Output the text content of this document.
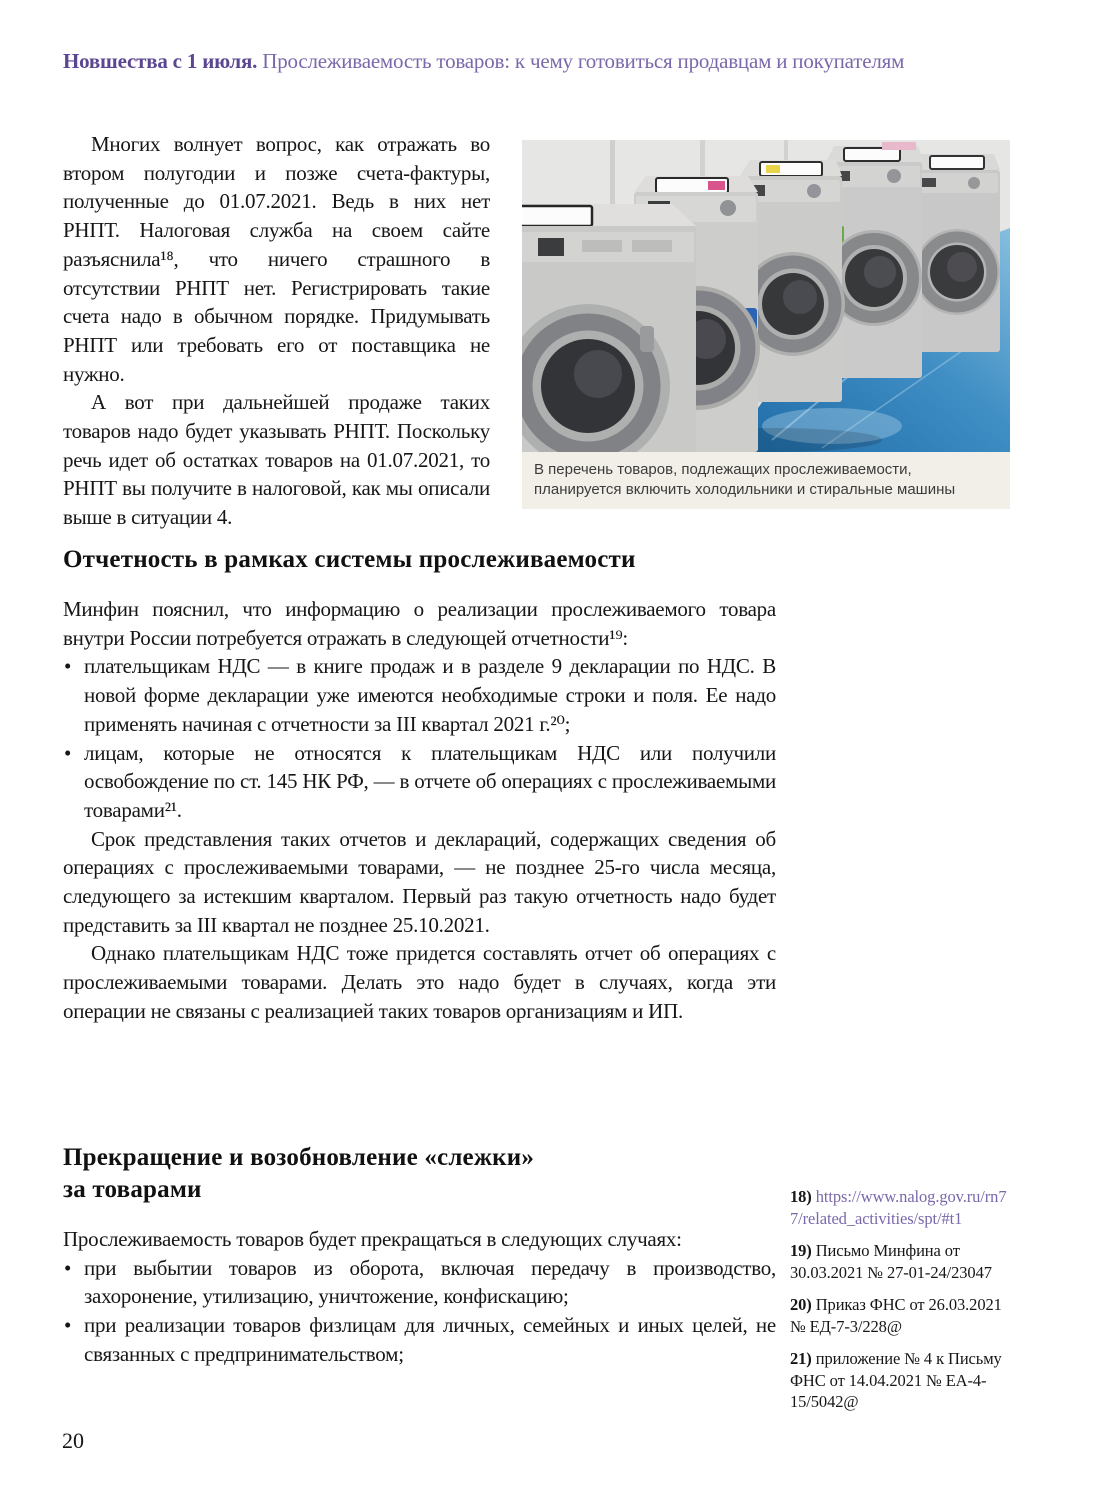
Новшества с 1 июля. Прослеживаемость товаров: к чему готовиться продавцам и покупателям

Многих волнует вопрос, как отражать во втором полугодии и позже счета-фактуры, полученные до 01.07.2021. Ведь в них нет РНПТ. Налоговая служба на своем сайте разъяснила¹⁸, что ничего страшного в отсутствии РНПТ нет. Регистрировать такие счета надо в обычном порядке. Придумывать РНПТ или требовать его от поставщика не нужно.

А вот при дальнейшей продаже таких товаров надо будет указывать РНПТ. Поскольку речь идет об остатках товаров на 01.07.2021, то РНПТ вы получите в налоговой, как мы описали выше в ситуации 4.

В перечень товаров, подлежащих прослеживаемости, планируется включить холодильники и стиральные машины
Отчетность в рамках системы прослеживаемости

Минфин пояснил, что информацию о реализации прослеживаемого товара внутри России потребуется отражать в следующей отчетности¹⁹:

• плательщикам НДС — в книге продаж и в разделе 9 декларации по НДС. В новой форме декларации уже имеются необходимые строки и поля. Ее надо применять начиная с отчетности за III квартал 2021 г.²⁰;
• лицам, которые не относятся к плательщикам НДС или получили освобождение по ст. 145 НК РФ, — в отчете об операциях с прослеживаемыми товарами²¹.

Срок представления таких отчетов и деклараций, содержащих сведения об операциях с прослеживаемыми товарами, — не позднее 25-го числа месяца, следующего за истекшим кварталом. Первый раз такую отчетность надо будет представить за III квартал не позднее 25.10.2021.

Однако плательщикам НДС тоже придется составлять отчет об операциях с прослеживаемыми товарами. Делать это надо будет в случаях, когда эти операции не связаны с реализацией таких товаров организациям и ИП.

Прекращение и возобновление «слежки»
за товарами

Прослеживаемость товаров будет прекращаться в следующих случаях:

• при выбытии товаров из оборота, включая передачу в производство, захоронение, утилизацию, уничтожение, конфискацию;
• при реализации товаров физлицам для личных, семейных и иных целей, не связанных с предпринимательством;
18) https://www.nalog.gov.ru/rn77/related_activities/spt/#t1
19) Письмо Минфина от 30.03.2021 № 27-01-24/23047
20) Приказ ФНС от 26.03.2021 № ЕД-7-3/228@
21) приложение № 4 к Письму ФНС от 14.04.2021 № ЕА-4-15/5042@
20
